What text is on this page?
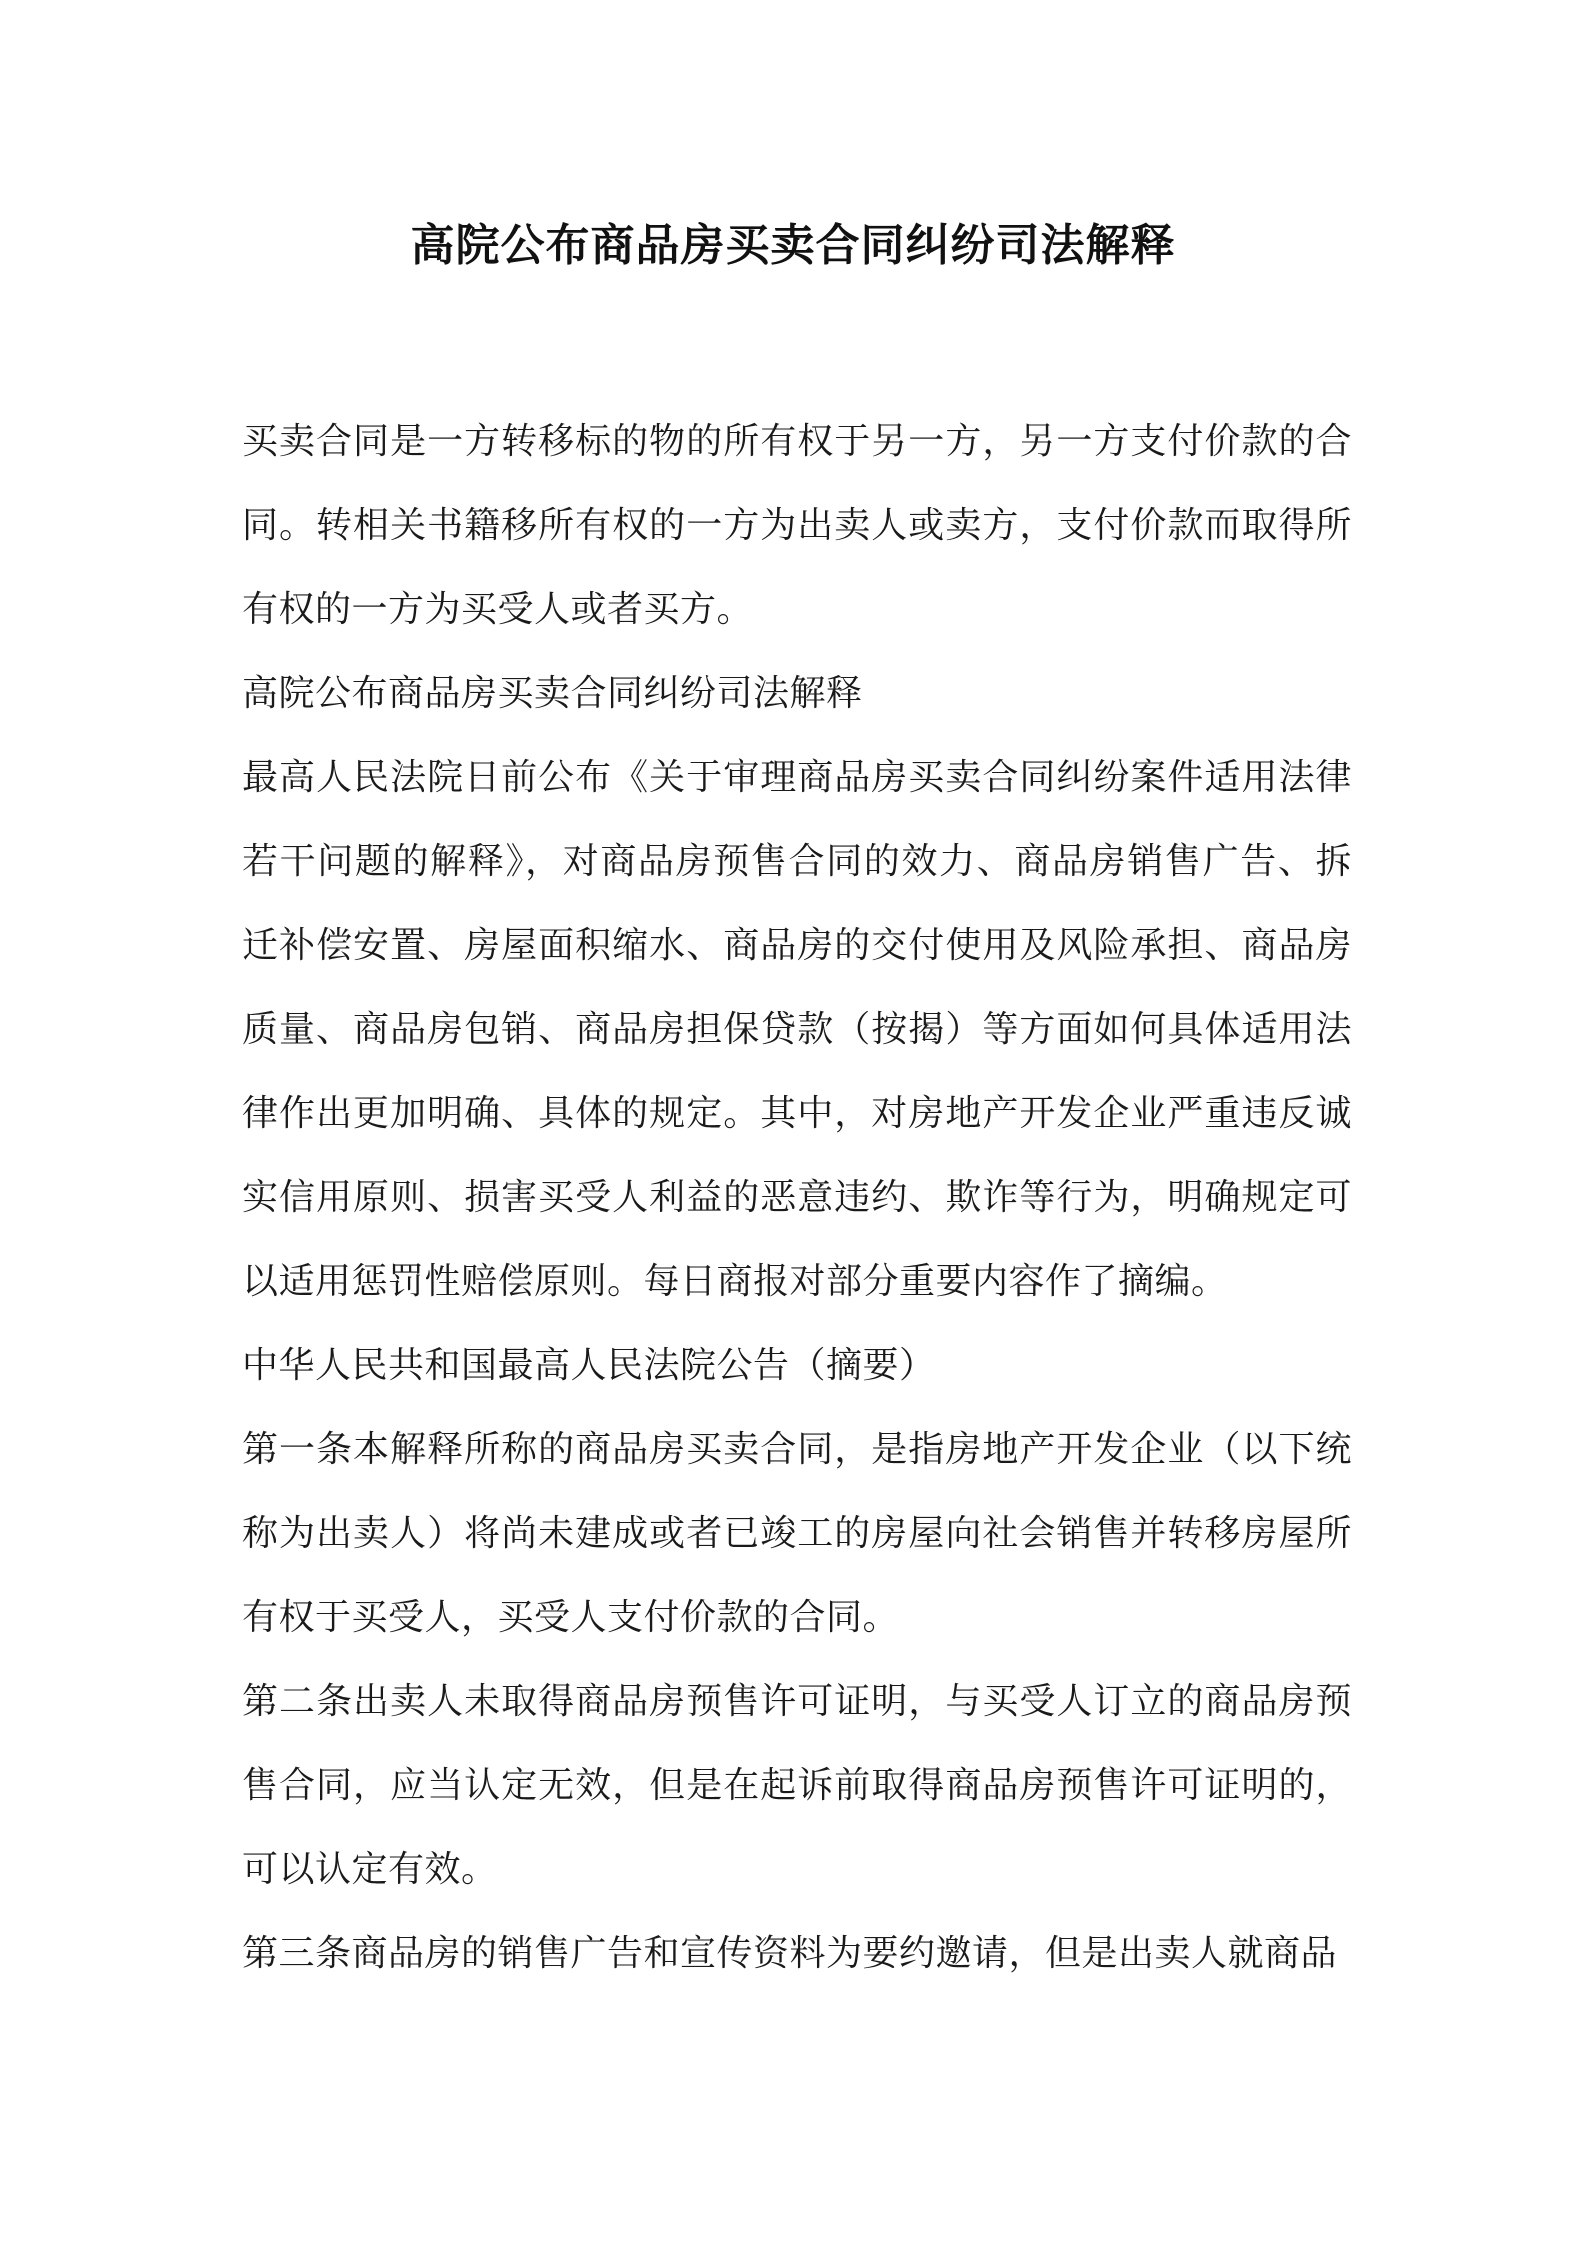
高院公布商品房买卖合同纠纷司法解释

买卖合同是一方转移标的物的所有权于另一方，另一方支付价款的合同。转相关书籍移所有权的一方为出卖人或卖方，支付价款而取得所有权的一方为买受人或者买方。

高院公布商品房买卖合同纠纷司法解释

最高人民法院日前公布《关于审理商品房买卖合同纠纷案件适用法律若干问题的解释》，对商品房预售合同的效力、商品房销售广告、拆迁补偿安置、房屋面积缩水、商品房的交付使用及风险承担、商品房质量、商品房包销、商品房担保贷款（按揭）等方面如何具体适用法律作出更加明确、具体的规定。其中，对房地产开发企业严重违反诚实信用原则、损害买受人利益的恶意违约、欺诈等行为，明确规定可以适用惩罚性赔偿原则。每日商报对部分重要内容作了摘编。

中华人民共和国最高人民法院公告（摘要）

第一条本解释所称的商品房买卖合同，是指房地产开发企业（以下统称为出卖人）将尚未建成或者已竣工的房屋向社会销售并转移房屋所有权于买受人，买受人支付价款的合同。

第二条出卖人未取得商品房预售许可证明，与买受人订立的商品房预售合同，应当认定无效，但是在起诉前取得商品房预售许可证明的，可以认定有效。

第三条商品房的销售广告和宣传资料为要约邀请，但是出卖人就商品
